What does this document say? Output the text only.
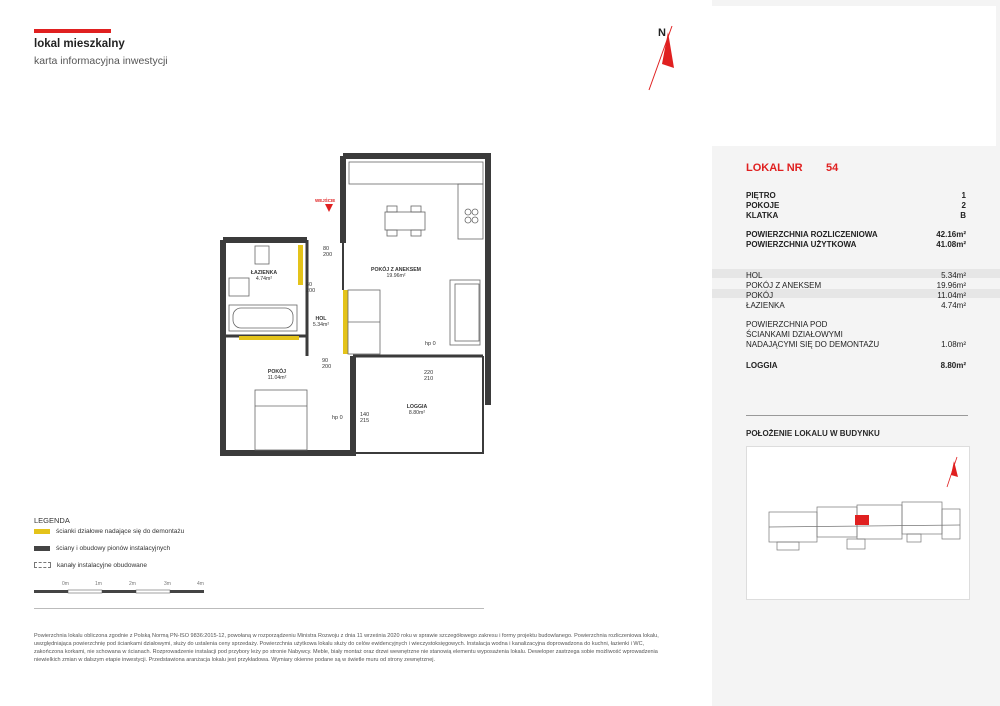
lokal mieszkalny
karta informacyjna inwestycji
N
WEJŚCIE
ŁAZIENKA
4.74m²
POKÓJ Z ANEKSEM
19.96m²
HOL
5.34m²
POKÓJ
11.04m²
LOGGIA
8.80m²
80
200
80
200
90
200
220
210
140
215
hp 0
hp 0
LOKAL NR 54
PIĘTRO	1
POKOJE	2
KLATKA	B
POWIERZCHNIA ROZLICZENIOWA	42.16m²
POWIERZCHNIA UŻYTKOWA	41.08m²
HOL	5.34m²
POKÓJ Z ANEKSEM	19.96m²
POKÓJ	11.04m²
ŁAZIENKA	4.74m²
POWIERZCHNIA POD
ŚCIANKAMI DZIAŁOWYMI
NADAJĄCYMI SIĘ DO DEMONTAŻU	1.08m²
LOGGIA	8.80m²
POŁOŻENIE LOKALU W BUDYNKU
LEGENDA
ścianki działowe nadające się do demontażu
ściany i obudowy pionów instalacyjnych
kanały instalacyjne obudowane
0m	1m	2m	3m	4m
Powierzchnia lokalu obliczona zgodnie z Polską Normą PN-ISO 9836:2015-12, powołaną w rozporządzeniu Ministra Rozwoju z dnia 11 września 2020 roku w sprawie szczegółowego zakresu i formy projektu budowlanego. Powierzchnia rozliczeniowa lokalu, uwzględniająca powierzchnię pod ściankami działowymi, służy do ustalenia ceny sprzedaży. Powierzchnia użytkowa lokalu służy do celów ewidencyjnych i wieczystoksięgowych. Instalacja wodna i kanalizacyjna doprowadzona do kuchni, łazienki i WC, zakończona korkami, nie schowana w ścianach. Rozprowadzenie instalacji pod przybory leży po stronie Nabywcy. Meble, biały montaż oraz drzwi wewnętrzne nie stanowią elementu wyposażenia lokalu. Deweloper zastrzega sobie możliwość wprowadzenia niewielkich zmian w dalszym etapie inwestycji. Przedstawiona aranżacja lokalu jest przykładowa. Wymiary okienne podane są w świetle muru od strony zewnętrznej.
